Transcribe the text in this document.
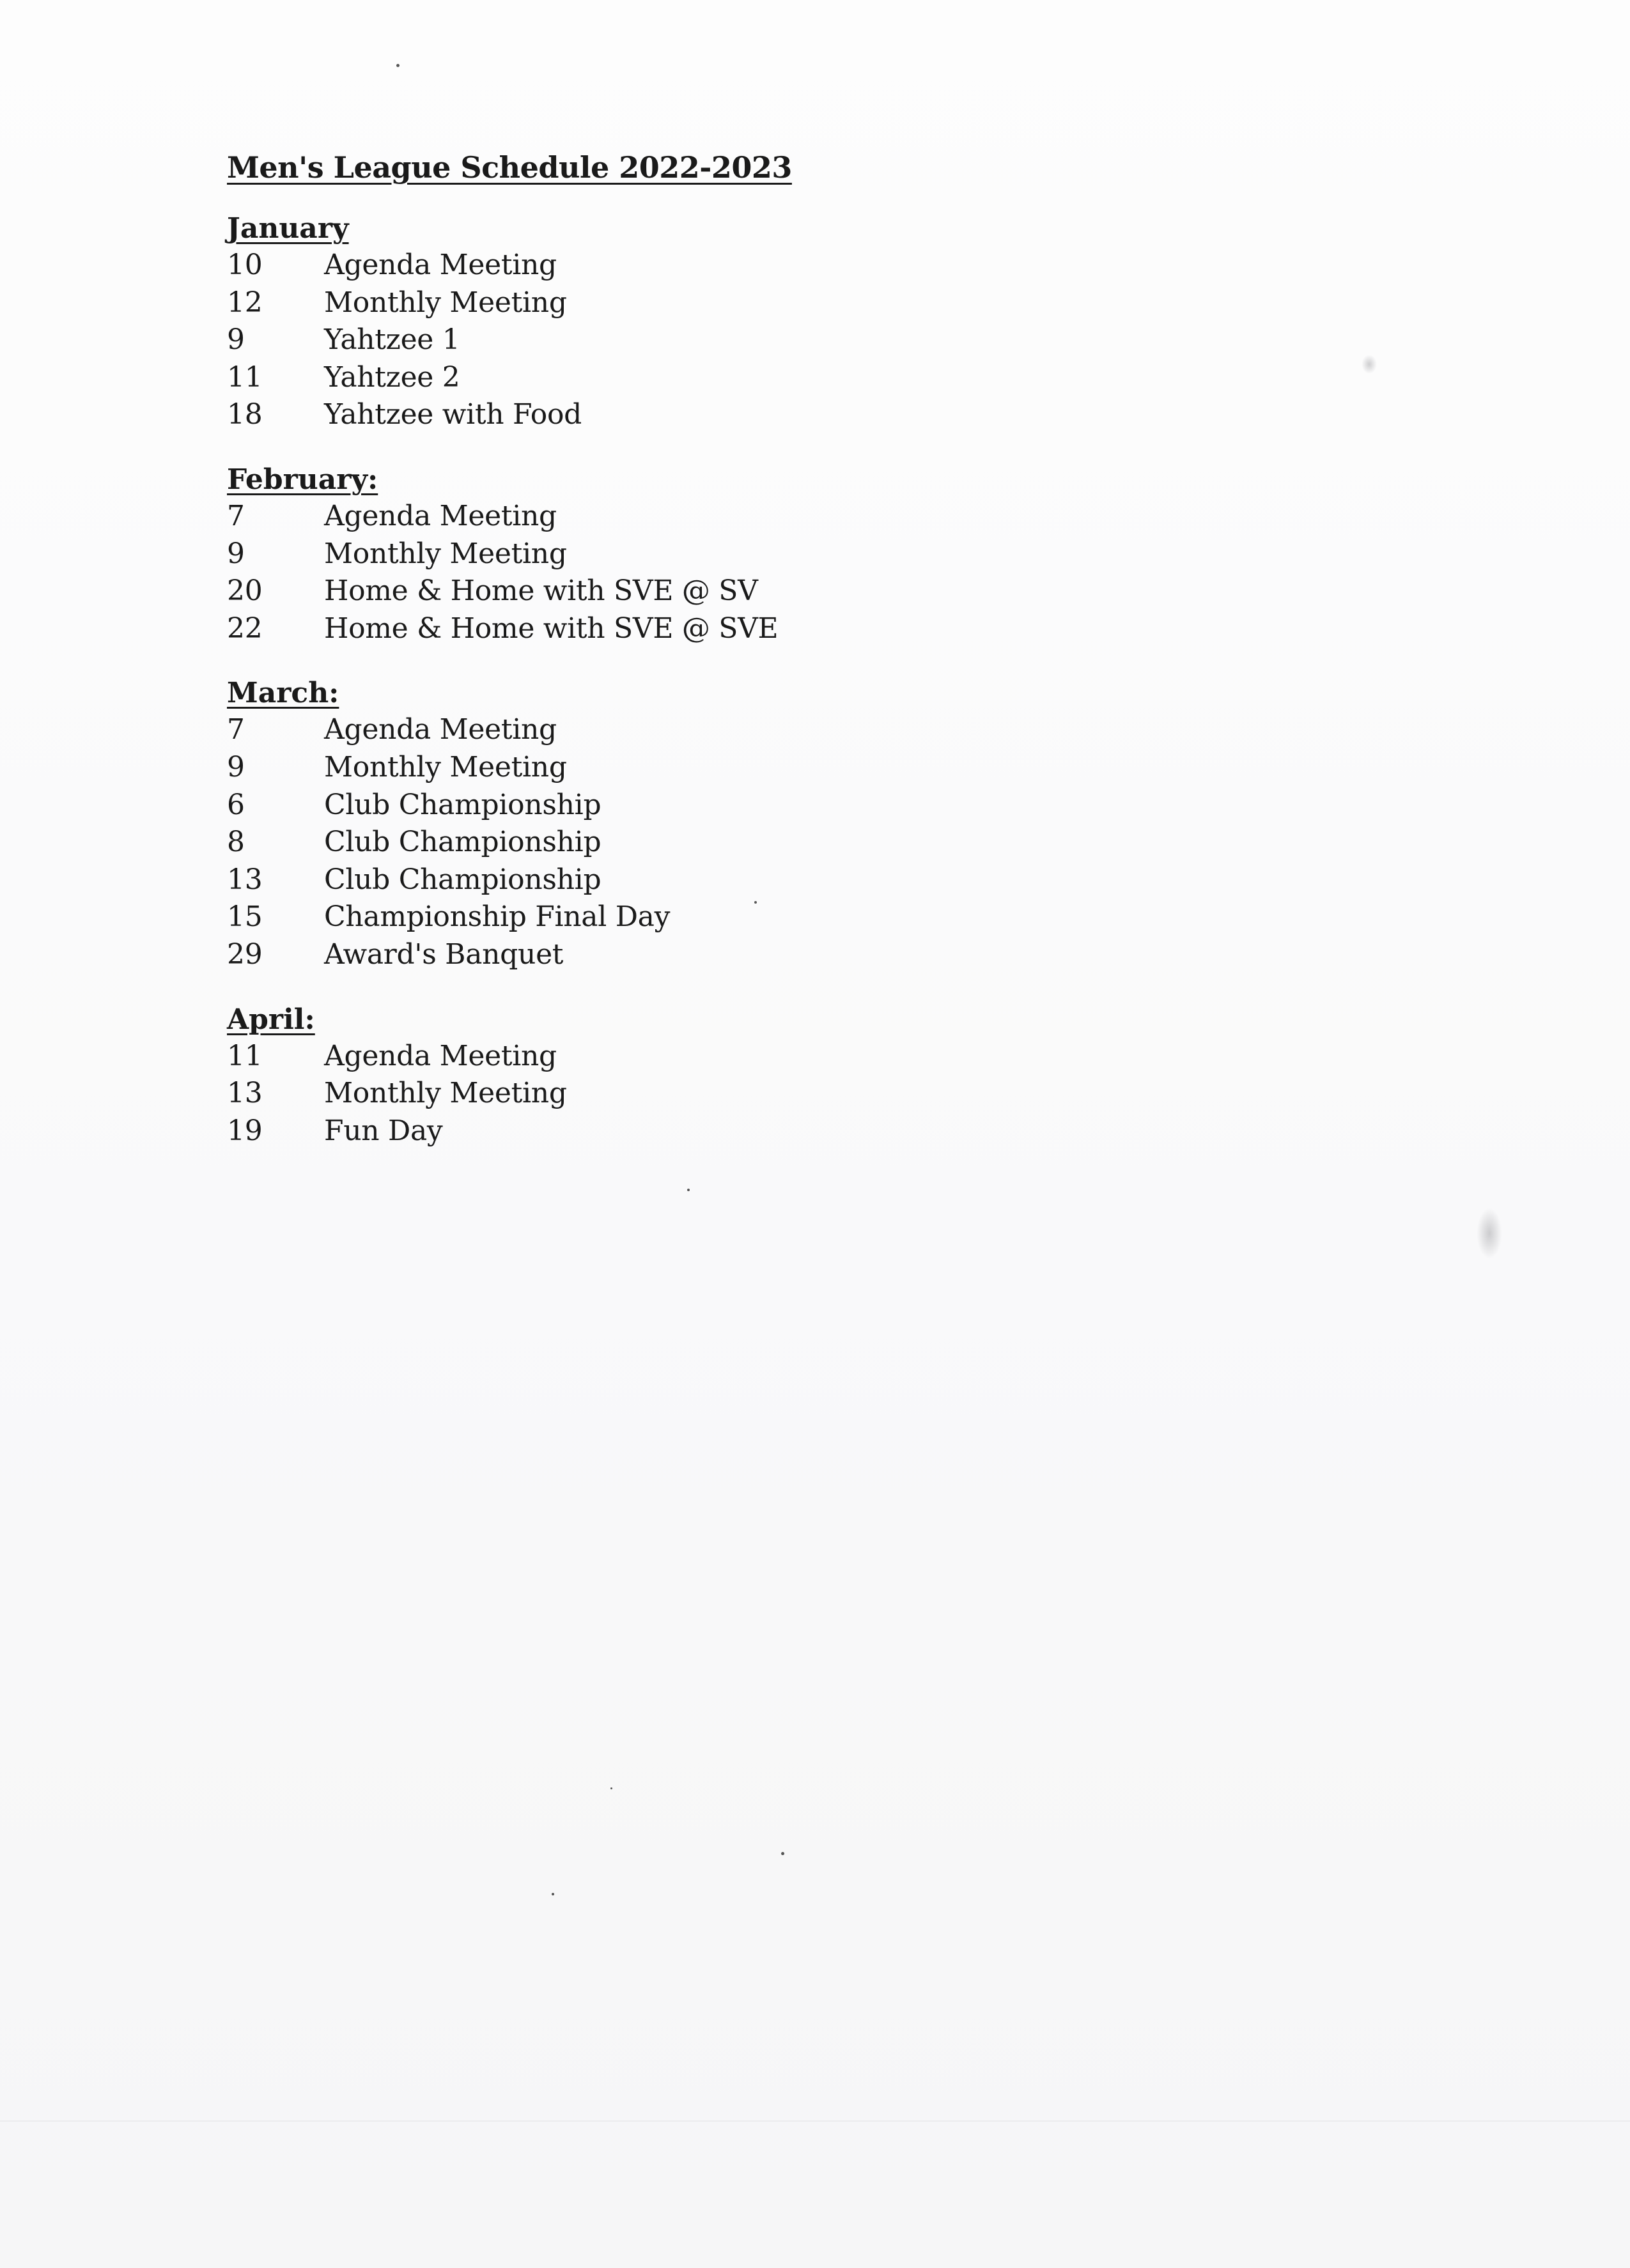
Men's League Schedule 2022-2023
January
10	Agenda Meeting
12	Monthly Meeting
9	Yahtzee 1
11	Yahtzee 2
18	Yahtzee with Food
February:
7	Agenda Meeting
9	Monthly Meeting
20	Home & Home with SVE @ SV
22	Home & Home with SVE @ SVE
March:
7	Agenda Meeting
9	Monthly Meeting
6	Club Championship
8	Club Championship
13	Club Championship
15	Championship Final Day
29	Award's Banquet
April:
11	Agenda Meeting
13	Monthly Meeting
19	Fun Day
